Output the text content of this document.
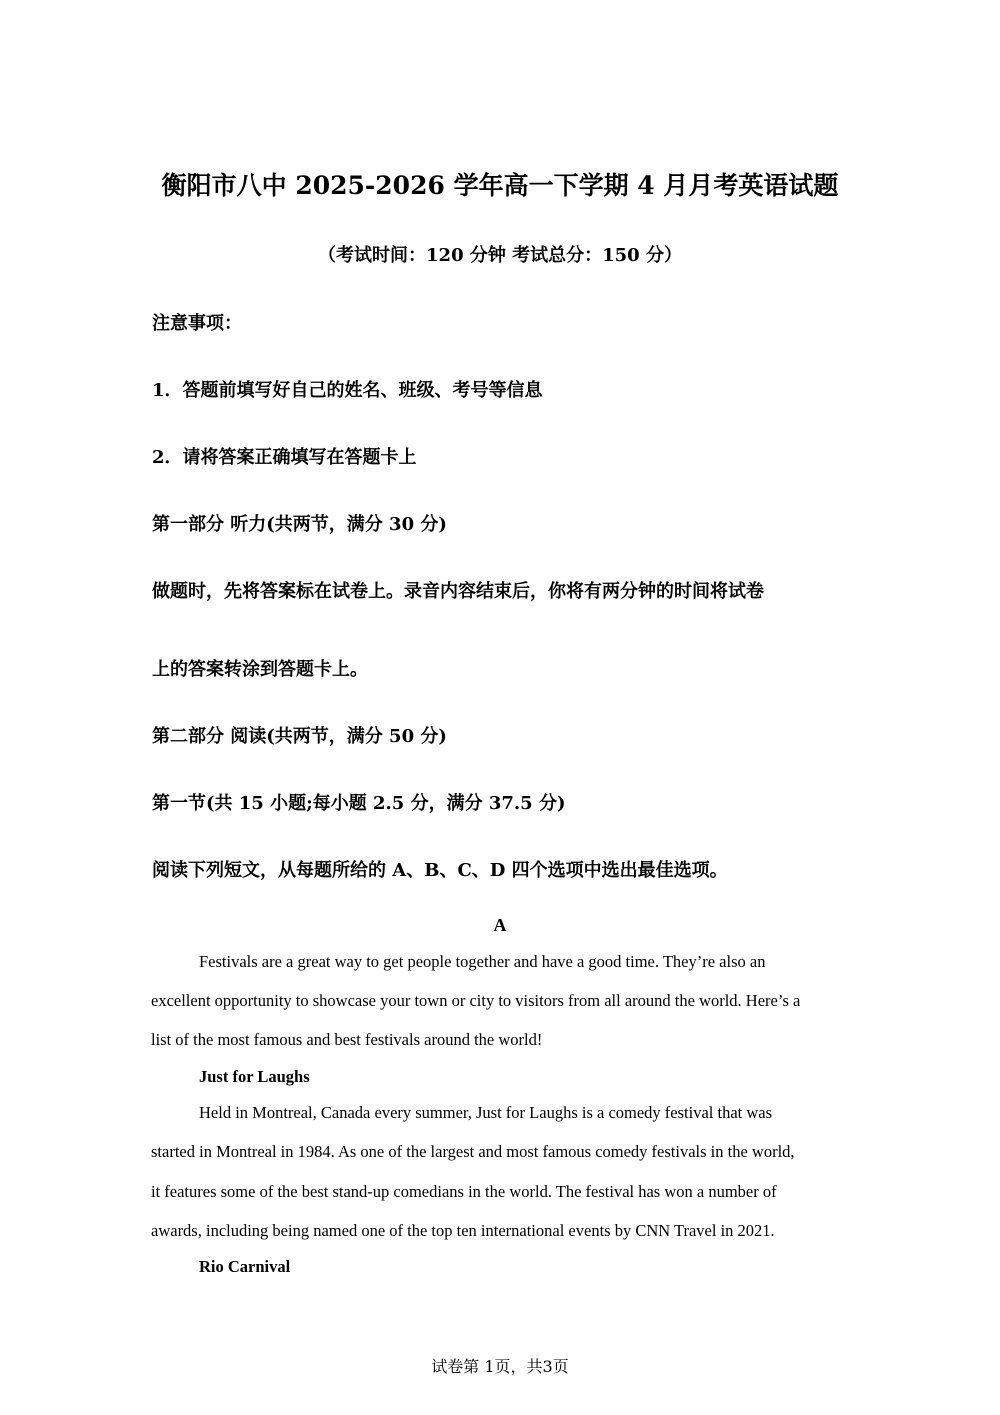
衡阳市八中 2025-2026 学年高一下学期 4 月月考英语试题
（考试时间：120 分钟 考试总分：150 分）
注意事项：
1．答题前填写好自己的姓名、班级、考号等信息
2．请将答案正确填写在答题卡上
第一部分 听力(共两节，满分 30 分)
做题时，先将答案标在试卷上。录音内容结束后，你将有两分钟的时间将试卷
上的答案转涂到答题卡上。
第二部分 阅读(共两节，满分 50 分)
第一节(共 15 小题;每小题 2.5 分，满分 37.5 分)
阅读下列短文，从每题所给的 A、B、C、D 四个选项中选出最佳选项。
A
Festivals are a great way to get people together and have a good time. They’re also an
excellent opportunity to showcase your town or city to visitors from all around the world. Here’s a
list of the most famous and best festivals around the world!
Just for Laughs
Held in Montreal, Canada every summer, Just for Laughs is a comedy festival that was
started in Montreal in 1984. As one of the largest and most famous comedy festivals in the world,
it features some of the best stand-up comedians in the world. The festival has won a number of
awards, including being named one of the top ten international events by CNN Travel in 2021.
Rio Carnival
试卷第 1页，共3页
